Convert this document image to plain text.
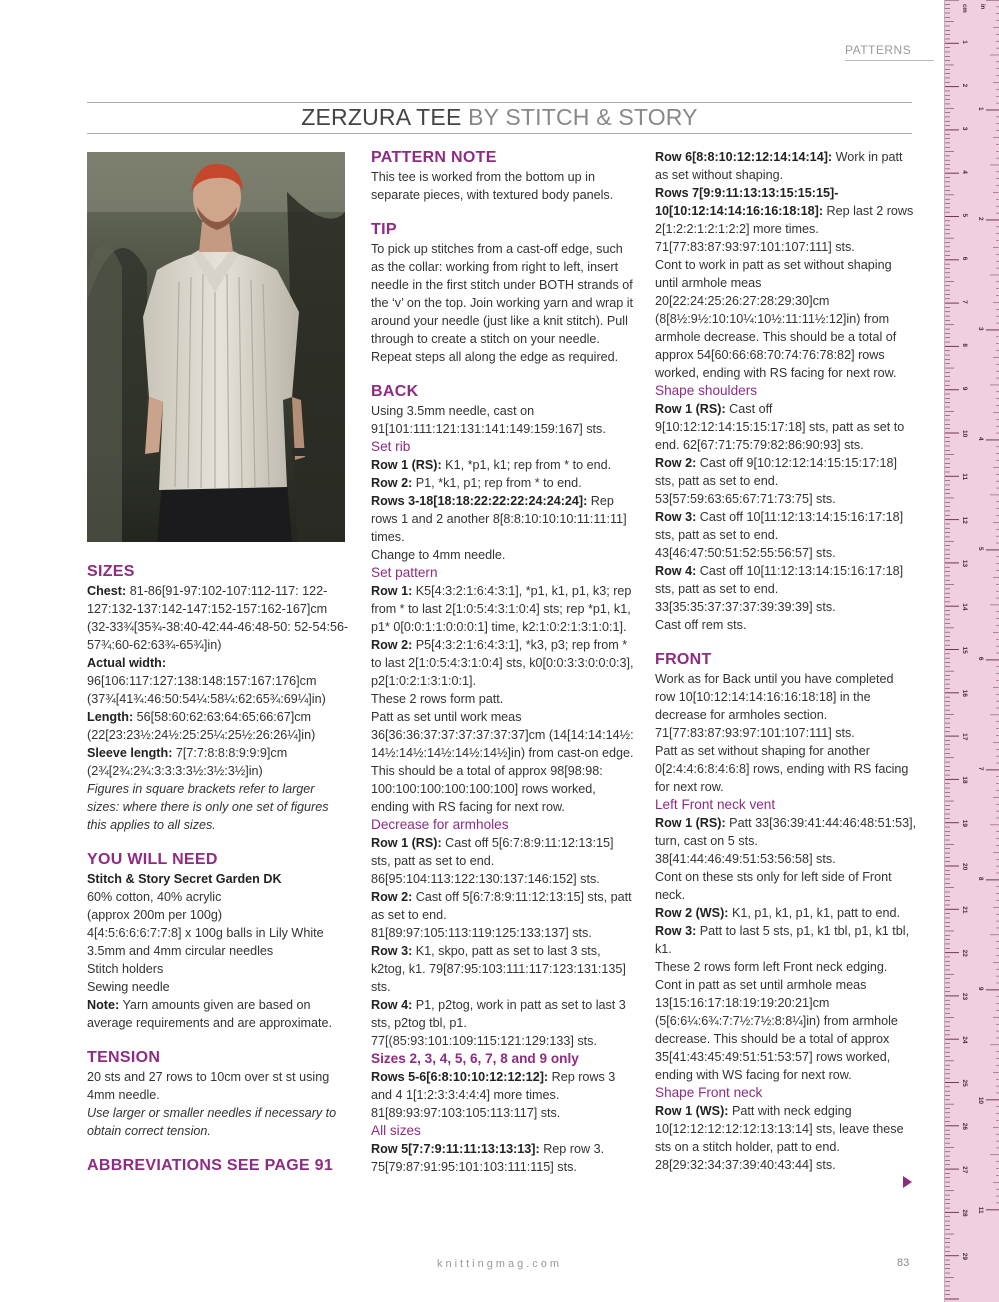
PATTERNS
ZERZURA TEE BY STITCH & STORY
SIZES

Chest: 81-86[91-97:102-107:112-117: 122-127:132-137:142-147:152-157:162-167]cm (32-33¾[35¾-38:40-42:44-46:48-50: 52-54:56-57¾:60-62:63¾-65¾]in)

Actual width:
96[106:117:127:138:148:157:167:176]cm (37¾[41¾:46:50:54¼:58¼:62:65¾:69¼]in)

Length: 56[58:60:62:63:64:65:66:67]cm (22[23:23½:24½:25:25¼:25½:26:26¼]in)

Sleeve length: 7[7:7:8:8:8:9:9:9]cm (2¾[2¾:2¾:3:3:3:3½:3½:3½]in)

Figures in square brackets refer to larger sizes: where there is only one set of figures this applies to all sizes.

YOU WILL NEED

Stitch & Story Secret Garden DK

60% cotton, 40% acrylic

(approx 200m per 100g)

4[4:5:6:6:6:7:7:8] x 100g balls in Lily White

3.5mm and 4mm circular needles

Stitch holders

Sewing needle

Note: Yarn amounts given are based on average requirements and are approximate.

TENSION

20 sts and 27 rows to 10cm over st st using 4mm needle.

Use larger or smaller needles if necessary to obtain correct tension.

ABBREVIATIONS SEE PAGE 91
PATTERN NOTE

This tee is worked from the bottom up in separate pieces, with textured body panels.

TIP

To pick up stitches from a cast-off edge, such as the collar: working from right to left, insert needle in the first stitch under BOTH strands of the ‘v’ on the top. Join working yarn and wrap it around your needle (just like a knit stitch). Pull through to create a stitch on your needle. Repeat steps all along the edge as required.

BACK

Using 3.5mm needle, cast on 91[101:111:121:131:141:149:159:167] sts.

Set rib

Row 1 (RS): K1, *p1, k1; rep from * to end.

Row 2: P1, *k1, p1; rep from * to end.

Rows 3-18[18:18:22:22:22:24:24:24]: Rep rows 1 and 2 another 8[8:8:10:10:10:11:11:11] times.

Change to 4mm needle.

Set pattern

Row 1: K5[4:3:2:1:6:4:3:1], *p1, k1, p1, k3; rep from * to last 2[1:0:5:4:3:1:0:4] sts; rep *p1, k1, p1* 0[0:0:1:1:0:0:0:1] time, k2:1:0:2:1:3:1:0:1].

Row 2: P5[4:3:2:1:6:4:3:1], *k3, p3; rep from * to last 2[1:0:5:4:3:1:0:4] sts, k0[0:0:3:3:0:0:0:3], p2[1:0:2:1:3:1:0:1].

These 2 rows form patt.

Patt as set until work meas 36[36:36:37:37:37:37:37:37]cm (14[14:14:14½: 14½:14½:14½:14½:14½]in) from cast-on edge. This should be a total of approx 98[98:98: 100:100:100:100:100:100] rows worked, ending with RS facing for next row.

Decrease for armholes

Row 1 (RS): Cast off 5[6:7:8:9:11:12:13:15] sts, patt as set to end. 86[95:104:113:122:130:137:146:152] sts.

Row 2: Cast off 5[6:7:8:9:11:12:13:15] sts, patt as set to end. 81[89:97:105:113:119:125:133:137] sts.

Row 3: K1, skpo, patt as set to last 3 sts, k2tog, k1. 79[87:95:103:111:117:123:131:135] sts.

Row 4: P1, p2tog, work in patt as set to last 3 sts, p2tog tbl, p1. 77[(85:93:101:109:115:121:129:133] sts.

Sizes 2, 3, 4, 5, 6, 7, 8 and 9 only

Rows 5-6[6:8:10:10:12:12:12]: Rep rows 3 and 4 1[1:2:3:3:4:4:4] more times. 81[89:93:97:103:105:113:117] sts.

All sizes

Row 5[7:7:9:11:11:13:13:13]: Rep row 3. 75[79:87:91:95:101:103:111:115] sts.

Row 6[8:8:10:12:12:14:14:14]: Work in patt as set without shaping.

Rows 7[9:9:11:13:13:15:15:15]- 10[10:12:14:14:16:16:18:18]: Rep last 2 rows 2[1:2:2:1:2:1:2:2] more times. 71[77:83:87:93:97:101:107:111] sts.

Cont to work in patt as set without shaping until armhole meas 20[22:24:25:26:27:28:29:30]cm (8[8½:9½:10:10¼:10½:11:11½:12]in) from armhole decrease. This should be a total of approx 54[60:66:68:70:74:76:78:82] rows worked, ending with RS facing for next row.

Shape shoulders

Row 1 (RS): Cast off 9[10:12:12:14:15:15:17:18] sts, patt as set to end. 62[67:71:75:79:82:86:90:93] sts.

Row 2: Cast off 9[10:12:12:14:15:15:17:18] sts, patt as set to end. 53[57:59:63:65:67:71:73:75] sts.

Row 3: Cast off 10[11:12:13:14:15:16:17:18] sts, patt as set to end. 43[46:47:50:51:52:55:56:57] sts.

Row 4: Cast off 10[11:12:13:14:15:16:17:18] sts, patt as set to end. 33[35:35:37:37:37:39:39:39] sts.

Cast off rem sts.

FRONT

Work as for Back until you have completed row 10[10:12:14:14:16:16:18:18] in the decrease for armholes section. 71[77:83:87:93:97:101:107:111] sts.

Patt as set without shaping for another 0[2:4:4:6:8:4:6:8] rows, ending with RS facing for next row.

Left Front neck vent

Row 1 (RS): Patt 33[36:39:41:44:46:48:51:53], turn, cast on 5 sts. 38[41:44:46:49:51:53:56:58] sts.

Cont on these sts only for left side of Front neck.

Row 2 (WS): K1, p1, k1, p1, k1, patt to end.

Row 3: Patt to last 5 sts, p1, k1 tbl, p1, k1 tbl, k1.

These 2 rows form left Front neck edging. Cont in patt as set until armhole meas 13[15:16:17:18:19:19:20:21]cm (5[6:6¼:6¾:7:7½:7½:8:8¼]in) from armhole decrease. This should be a total of approx 35[41:43:45:49:51:51:53:57] rows worked, ending with WS facing for next row.

Shape Front neck

Row 1 (WS): Patt with neck edging 10[12:12:12:12:12:13:13:14] sts, leave these sts on a stitch holder, patt to end. 28[29:32:34:37:39:40:43:44] sts.

cm
1
2
3
4
5
6
7
8
9
10
11
12
13
14
15
16
17
18
19
20
21
22
23
24
25
26
27
28
29
in
1
2
3
4
5
6
7
8
9
10
11
knittingmag.com	83
